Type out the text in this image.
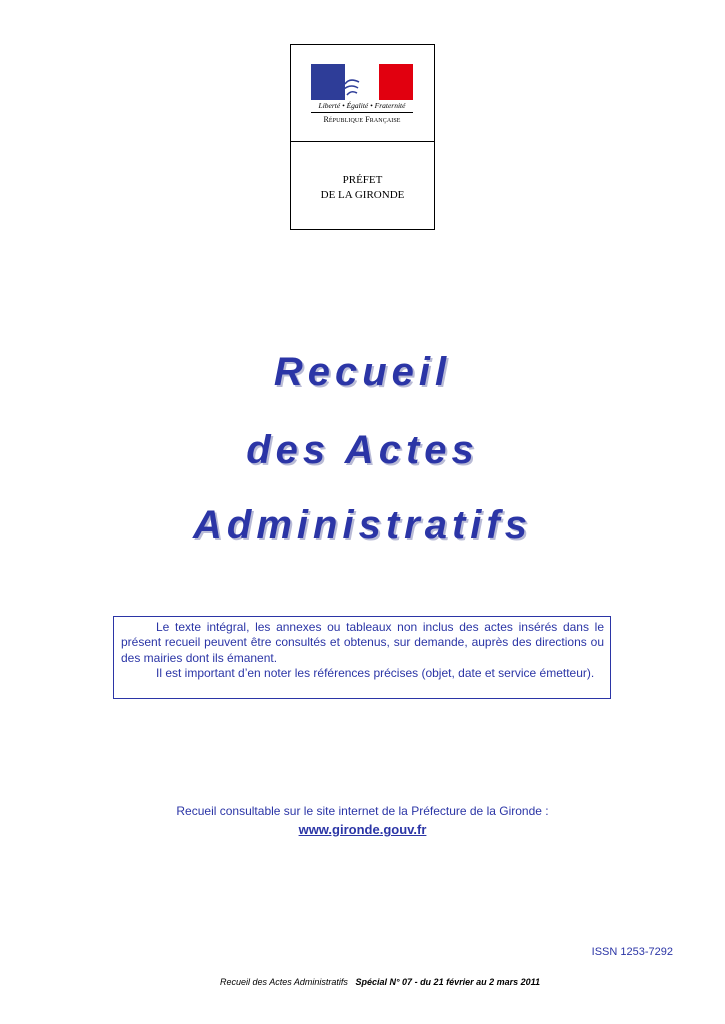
Liberté • Égalité • Fraternité
République Française
PRÉFET
DE LA GIRONDE
Recueil
des Actes
Administratifs

Le texte intégral, les annexes ou tableaux non inclus des actes insérés dans le présent recueil peuvent être consultés et obtenus, sur demande, auprès des directions ou des mairies dont ils émanent.

Il est important d’en noter les références précises (objet, date et service émetteur).

Recueil consultable sur le site internet de la Préfecture de la Gironde :
www.gironde.gouv.fr
ISSN 1253-7292
Recueil des Actes Administratifs Spécial N° 07 - du 21 février au 2 mars 2011
